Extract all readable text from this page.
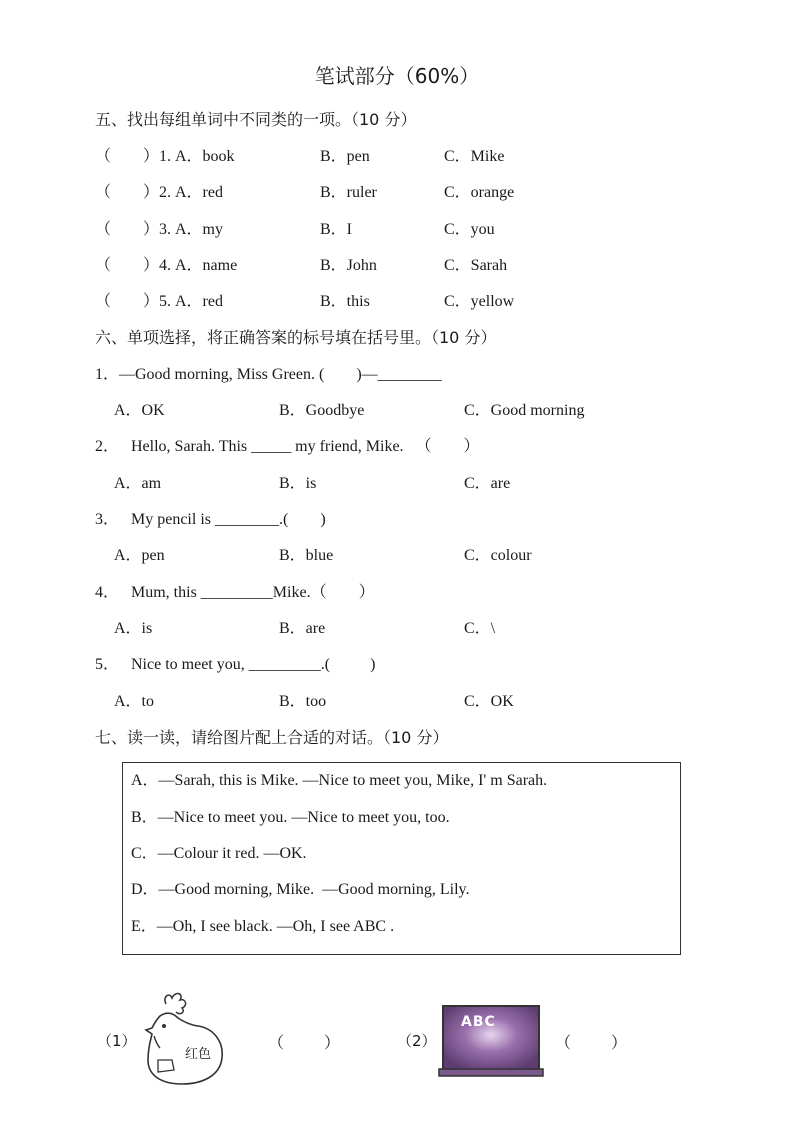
笔试部分（60%）
五、找出每组单词中不同类的一项。（10 分）
（　　）1. A．book	B．pen	C．Mike
（　　）2. A．red	B．ruler	C．orange
（　　）3. A．my	B．I	C．you
（　　）4. A．name	B．John	C．Sarah
（　　）5. A．red	B．this	C．yellow
六、单项选择，将正确答案的标号填在括号里。（10 分）
1．—Good morning, Miss Green. (        )—________
A．OK	B．Goodbye	C．Good morning
2．   Hello, Sarah. This _____ my friend, Mike.   （        ）
A．am	B．is	C．are
3．   My pencil is ________.(        )
A．pen	B．blue	C．colour
4．   Mum, this _________Mike.（        ）
A．is	B．are	C．\
5．   Nice to meet you, _________.(          )
A．to	B．too	C．OK
七、读一读，请给图片配上合适的对话。（10 分）
A．—Sarah, this is Mike. —Nice to meet you, Mike, I' m Sarah.
B．—Nice to meet you. —Nice to meet you, too.
C．—Colour it red. —OK.
D．—Good morning, Mike.  —Good morning, Lily.
E．—Oh, I see black. —Oh, I see ABC .
（1）
红色
（          ）	（2）
ABC
（          ）
